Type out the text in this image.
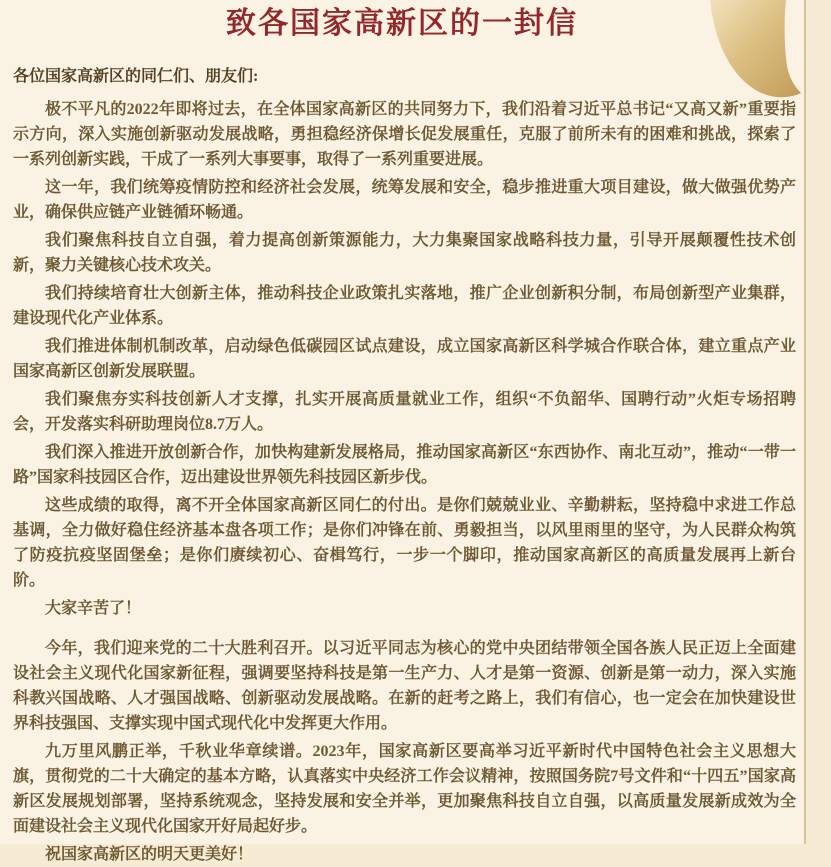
致各国家高新区的一封信
各位国家高新区的同仁们、朋友们:

极不平凡的2022年即将过去，在全体国家高新区的共同努力下，我们沿着习近平总书记“又高又新”重要指示方向，深入实施创新驱动发展战略，勇担稳经济保增长促发展重任，克服了前所未有的困难和挑战，探索了一系列创新实践，干成了一系列大事要事，取得了一系列重要进展。

这一年，我们统筹疫情防控和经济社会发展，统筹发展和安全，稳步推进重大项目建设，做大做强优势产业，确保供应链产业链循环畅通。

我们聚焦科技自立自强，着力提高创新策源能力，大力集聚国家战略科技力量，引导开展颠覆性技术创新，聚力关键核心技术攻关。

我们持续培育壮大创新主体，推动科技企业政策扎实落地，推广企业创新积分制，布局创新型产业集群，建设现代化产业体系。

我们推进体制机制改革，启动绿色低碳园区试点建设，成立国家高新区科学城合作联合体，建立重点产业国家高新区创新发展联盟。

我们聚焦夯实科技创新人才支撑，扎实开展高质量就业工作，组织“不负韶华、国聘行动”火炬专场招聘会，开发落实科研助理岗位8.7万人。

我们深入推进开放创新合作，加快构建新发展格局，推动国家高新区“东西协作、南北互动”，推动“一带一路”国家科技园区合作，迈出建设世界领先科技园区新步伐。

这些成绩的取得，离不开全体国家高新区同仁的付出。是你们兢兢业业、辛勤耕耘，坚持稳中求进工作总基调，全力做好稳住经济基本盘各项工作；是你们冲锋在前、勇毅担当，以风里雨里的坚守，为人民群众构筑了防疫抗疫坚固堡垒；是你们赓续初心、奋楫笃行，一步一个脚印，推动国家高新区的高质量发展再上新台阶。

大家辛苦了！

今年，我们迎来党的二十大胜利召开。以习近平同志为核心的党中央团结带领全国各族人民正迈上全面建设社会主义现代化国家新征程，强调要坚持科技是第一生产力、人才是第一资源、创新是第一动力，深入实施科教兴国战略、人才强国战略、创新驱动发展战略。在新的赶考之路上，我们有信心，也一定会在加快建设世界科技强国、支撑实现中国式现代化中发挥更大作用。

九万里风鹏正举，千秋业华章续谱。2023年，国家高新区要高举习近平新时代中国特色社会主义思想大旗，贯彻党的二十大确定的基本方略，认真落实中央经济工作会议精神，按照国务院7号文件和“十四五”国家高新区发展规划部署，坚持系统观念，坚持发展和安全并举，更加聚焦科技自立自强，以高质量发展新成效为全面建设社会主义现代化国家开好局起好步。

祝国家高新区的明天更美好！
